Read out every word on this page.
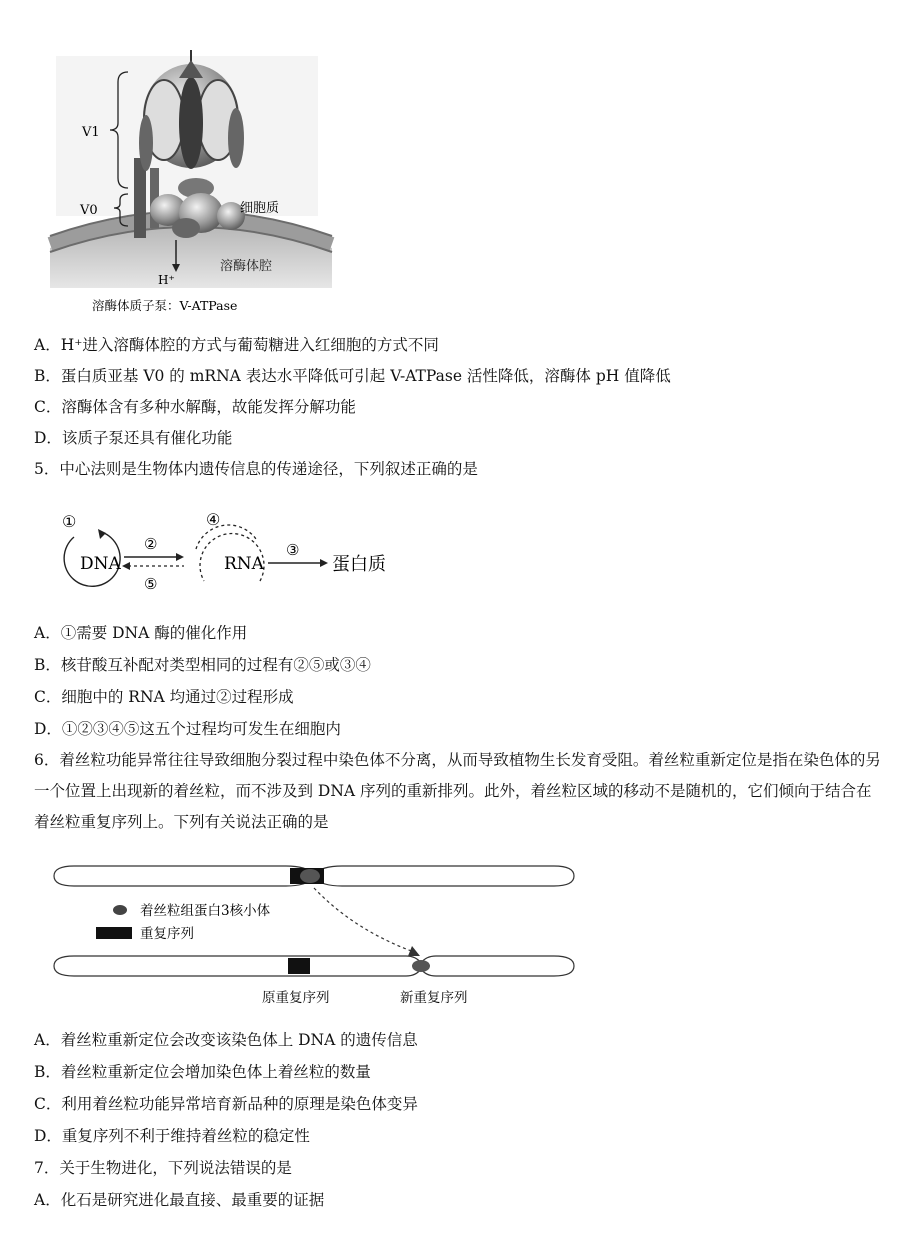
V1
V0	细胞质
溶酶体腔
H⁺
溶酶体质子泵：V-ATPase
A．H⁺进入溶酶体腔的方式与葡萄糖进入红细胞的方式不同
B．蛋白质亚基 V0 的 mRNA 表达水平降低可引起 V-ATPase 活性降低，溶酶体 pH 值降低
C．溶酶体含有多种水解酶，故能发挥分解功能
D．该质子泵还具有催化功能
5．中心法则是生物体内遗传信息的传递途径，下列叙述正确的是
①
DNA
②
⑤
④
RNA
③
蛋白质
A．①需要 DNA 酶的催化作用
B．核苷酸互补配对类型相同的过程有②⑤或③④
C．细胞中的 RNA 均通过②过程形成
D．①②③④⑤这五个过程均可发生在细胞内
6．着丝粒功能异常往往导致细胞分裂过程中染色体不分离，从而导致植物生长发育受阻。着丝粒重新定位是指在染色体的另一个位置上出现新的着丝粒，而不涉及到 DNA 序列的重新排列。此外，着丝粒区域的移动不是随机的，它们倾向于结合在着丝粒重复序列上。下列有关说法正确的是
着丝粒组蛋白3核小体
重复序列
原重复序列	新重复序列
A．着丝粒重新定位会改变该染色体上 DNA 的遗传信息
B．着丝粒重新定位会增加染色体上着丝粒的数量
C．利用着丝粒功能异常培育新品种的原理是染色体变异
D．重复序列不利于维持着丝粒的稳定性
7．关于生物进化，下列说法错误的是
A．化石是研究进化最直接、最重要的证据
